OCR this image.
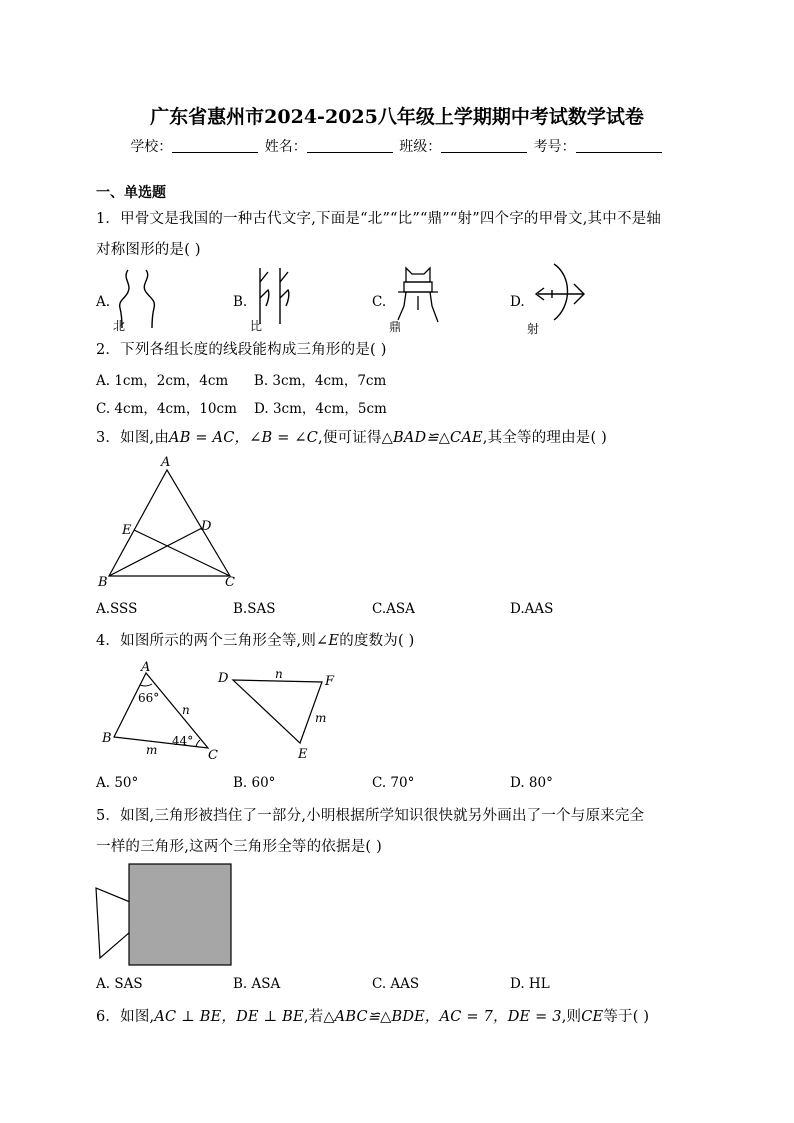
广东省惠州市2024-2025八年级上学期期中考试数学试卷
学校：	姓名：	班级：	考号：
一、单选题
1．甲骨文是我国的一种古代文字,下面是“北”“比”“鼎”“射”四个字的甲骨文,其中不是轴
对称图形的是( )
A.	B.	C.	D.
北	比	鼎	射
2．下列各组长度的线段能构成三角形的是( )
A. 1cm，2cm，4cm      B. 3cm，4cm，7cm
C. 4cm，4cm，10cm    D. 3cm，4cm，5cm
3．如图,由AB = AC，∠B = ∠C,便可证得△BAD≌△CAE,其全等的理由是( )
A
B	C
D
E
A.SSS	B.SAS	C.ASA	D.AAS
4．如图所示的两个三角形全等,则∠E的度数为( )
A
B
C
66°
44°
n
m
D	F
E
n
m
A. 50°	B. 60°	C. 70°	D. 80°
5．如图,三角形被挡住了一部分,小明根据所学知识很快就另外画出了一个与原来完全
一样的三角形,这两个三角形全等的依据是( )
A. SAS	B. ASA	C. AAS	D. HL
6．如图,AC ⊥ BE，DE ⊥ BE,若△ABC≌△BDE，AC = 7，DE = 3,则CE等于( )
